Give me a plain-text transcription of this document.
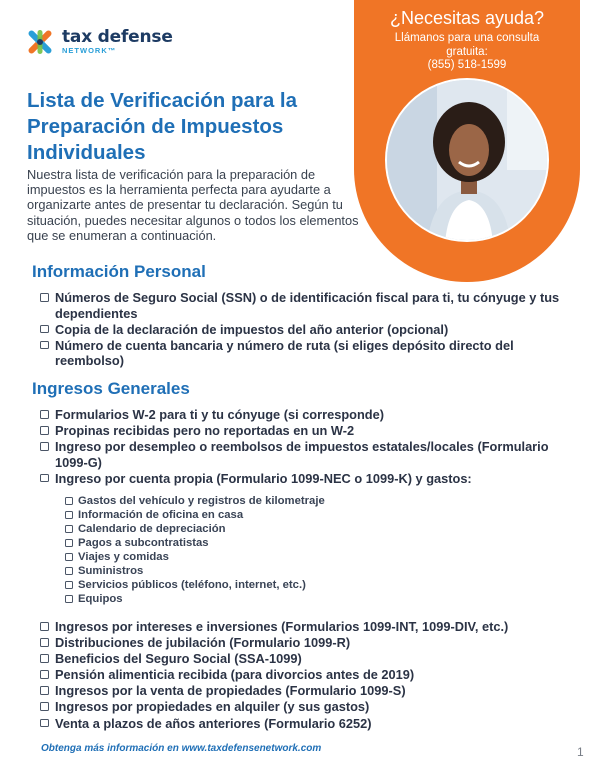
tax defense
NETWORK™
¿Necesitas ayuda?
Llámanos para una consulta gratuita:
(855) 518-1599
Lista de Verificación para la Preparación de Impuestos Individuales
Nuestra lista de verificación para la preparación de impuestos es la herramienta perfecta para ayudarte a organizarte antes de presentar tu declaración. Según tu situación, puedes necesitar algunos o todos los elementos que se enumeran a continuación.
Información Personal
Números de Seguro Social (SSN) o de identificación fiscal para ti, tu cónyuge y tus dependientes
Copia de la declaración de impuestos del año anterior (opcional)
Número de cuenta bancaria y número de ruta (si eliges depósito directo del reembolso)
Ingresos Generales
Formularios W-2 para ti y tu cónyuge (si corresponde)
Propinas recibidas pero no reportadas en un W-2
Ingreso por desempleo o reembolsos de impuestos estatales/locales (Formulario 1099-G)
Ingreso por cuenta propia (Formulario 1099-NEC o 1099-K) y gastos:
Gastos del vehículo y registros de kilometraje
Información de oficina en casa
Calendario de depreciación
Pagos a subcontratistas
Viajes y comidas
Suministros
Servicios públicos (teléfono, internet, etc.)
Equipos
Ingresos por intereses e inversiones (Formularios 1099-INT, 1099-DIV, etc.)
Distribuciones de jubilación (Formulario 1099-R)
Beneficios del Seguro Social (SSA-1099)
Pensión alimenticia recibida (para divorcios antes de 2019)
Ingresos por la venta de propiedades (Formulario 1099-S)
Ingresos por propiedades en alquiler (y sus gastos)
Venta a plazos de años anteriores (Formulario 6252)
Obtenga más información en www.taxdefensenetwork.com	1
